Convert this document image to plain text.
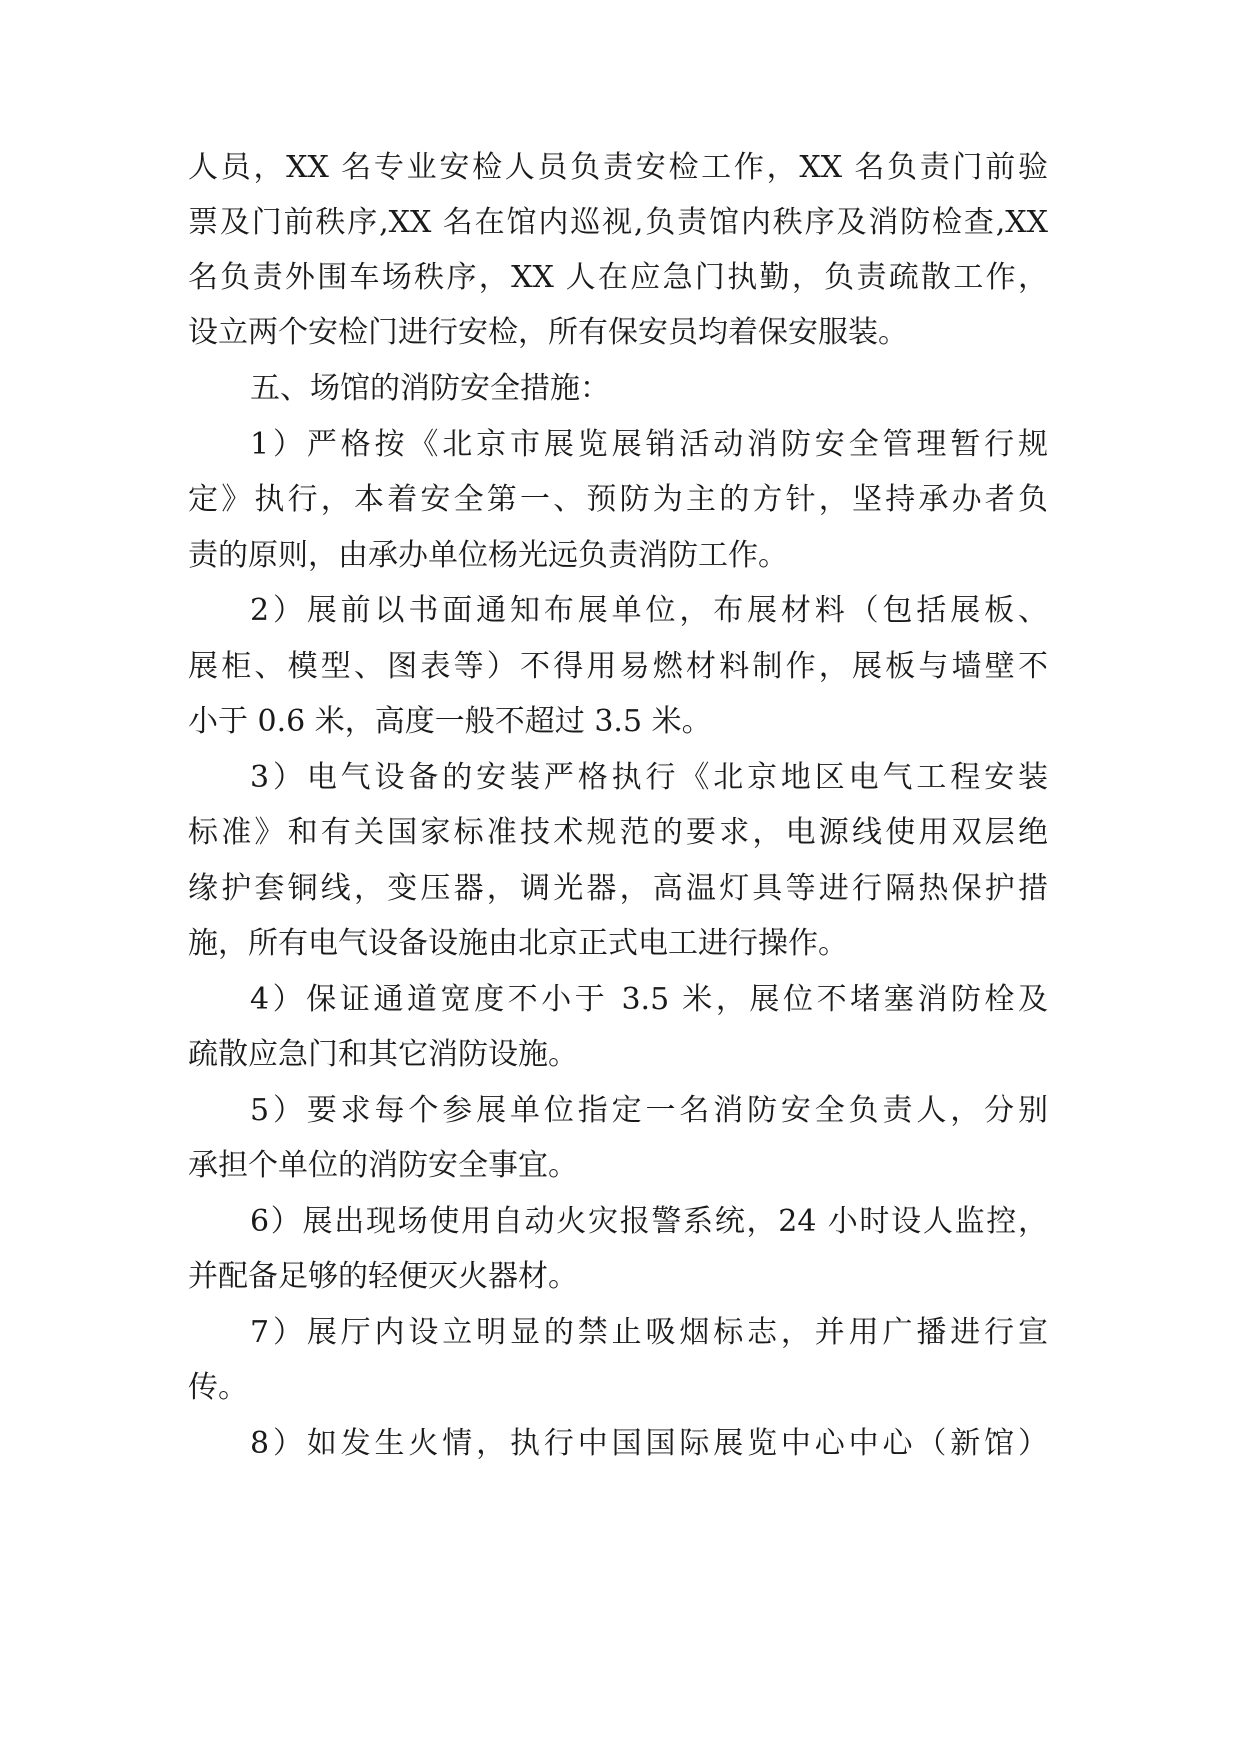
人员，XX 名专业安检人员负责安检工作，XX 名负责门前验
票及门前秩序,XX 名在馆内巡视,负责馆内秩序及消防检查,XX
名负责外围车场秩序，XX 人在应急门执勤，负责疏散工作，
设立两个安检门进行安检，所有保安员均着保安服装。
五、场馆的消防安全措施：
1）严格按《北京市展览展销活动消防安全管理暂行规
定》执行，本着安全第一、预防为主的方针，坚持承办者负
责的原则，由承办单位杨光远负责消防工作。
2）展前以书面通知布展单位，布展材料（包括展板、
展柜、模型、图表等）不得用易燃材料制作，展板与墙壁不
小于 0.6 米，高度一般不超过 3.5 米。
3）电气设备的安装严格执行《北京地区电气工程安装
标准》和有关国家标准技术规范的要求，电源线使用双层绝
缘护套铜线，变压器，调光器，高温灯具等进行隔热保护措
施，所有电气设备设施由北京正式电工进行操作。
4）保证通道宽度不小于 3.5 米，展位不堵塞消防栓及
疏散应急门和其它消防设施。
5）要求每个参展单位指定一名消防安全负责人，分别
承担个单位的消防安全事宜。
6）展出现场使用自动火灾报警系统，24 小时设人监控，
并配备足够的轻便灭火器材。
7）展厅内设立明显的禁止吸烟标志，并用广播进行宣
传。
8）如发生火情，执行中国国际展览中心中心（新馆）
